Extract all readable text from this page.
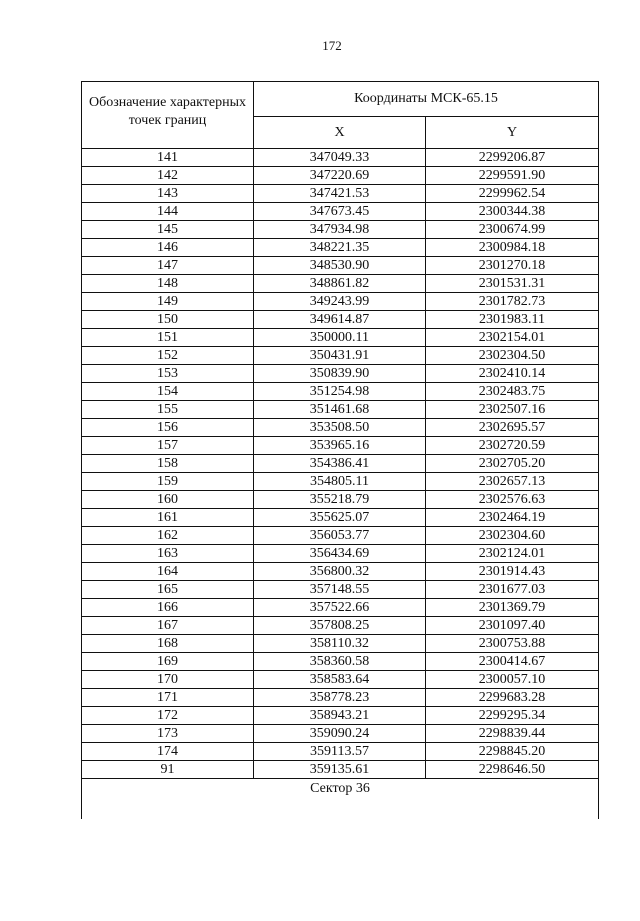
172
Обозначение характерных точек границ	Координаты МСК-65.15	
	X	Y
141	347049.33	2299206.87
142	347220.69	2299591.90
143	347421.53	2299962.54
144	347673.45	2300344.38
145	347934.98	2300674.99
146	348221.35	2300984.18
147	348530.90	2301270.18
148	348861.82	2301531.31
149	349243.99	2301782.73
150	349614.87	2301983.11
151	350000.11	2302154.01
152	350431.91	2302304.50
153	350839.90	2302410.14
154	351254.98	2302483.75
155	351461.68	2302507.16
156	353508.50	2302695.57
157	353965.16	2302720.59
158	354386.41	2302705.20
159	354805.11	2302657.13
160	355218.79	2302576.63
161	355625.07	2302464.19
162	356053.77	2302304.60
163	356434.69	2302124.01
164	356800.32	2301914.43
165	357148.55	2301677.03
166	357522.66	2301369.79
167	357808.25	2301097.40
168	358110.32	2300753.88
169	358360.58	2300414.67
170	358583.64	2300057.10
171	358778.23	2299683.28
172	358943.21	2299295.34
173	359090.24	2298839.44
174	359113.57	2298845.20
91	359135.61	2298646.50
Сектор 36		
